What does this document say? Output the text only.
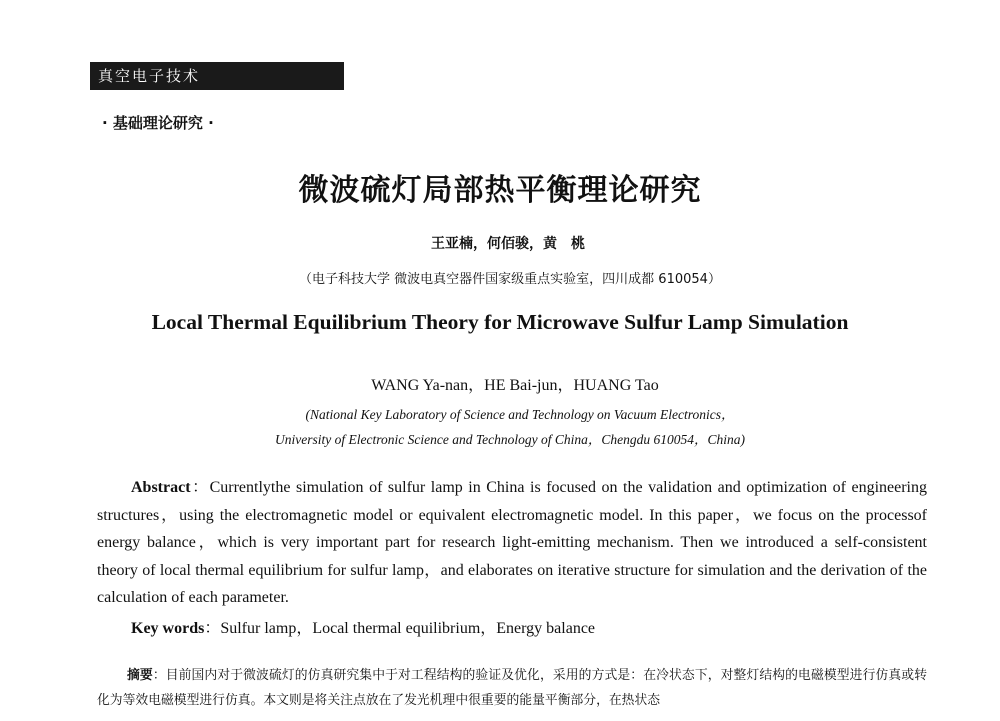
真空电子技术
· 基础理论研究 ·
微波硫灯局部热平衡理论研究
王亚楠，何佰骏，黄　桃
（电子科技大学 微波电真空器件国家级重点实验室，四川成都 610054）
Local Thermal Equilibrium Theory for Microwave Sulfur Lamp Simulation
WANG Ya-nan，HE Bai-jun，HUANG Tao
(National Key Laboratory of Science and Technology on Vacuum Electronics，
University of Electronic Science and Technology of China，Chengdu 610054，China)
Abstract：Currentlythe simulation of sulfur lamp in China is focused on the validation and optimization of engineering structures，using the electromagnetic model or equivalent electromagnetic model. In this paper，we focus on the processof energy balance，which is very important part for research light-emitting mechanism. Then we introduced a self-consistent theory of local thermal equilibrium for sulfur lamp，and elaborates on iterative structure for simulation and the derivation of the calculation of each parameter.
Key words：Sulfur lamp，Local thermal equilibrium，Energy balance
摘要：目前国内对于微波硫灯的仿真研究集中于对工程结构的验证及优化，采用的方式是：在冷状态下，对整灯结构的电磁模型进行仿真或转化为等效电磁模型进行仿真。本文则是将关注点放在了发光机理中很重要的能量平衡部分，在热状态
